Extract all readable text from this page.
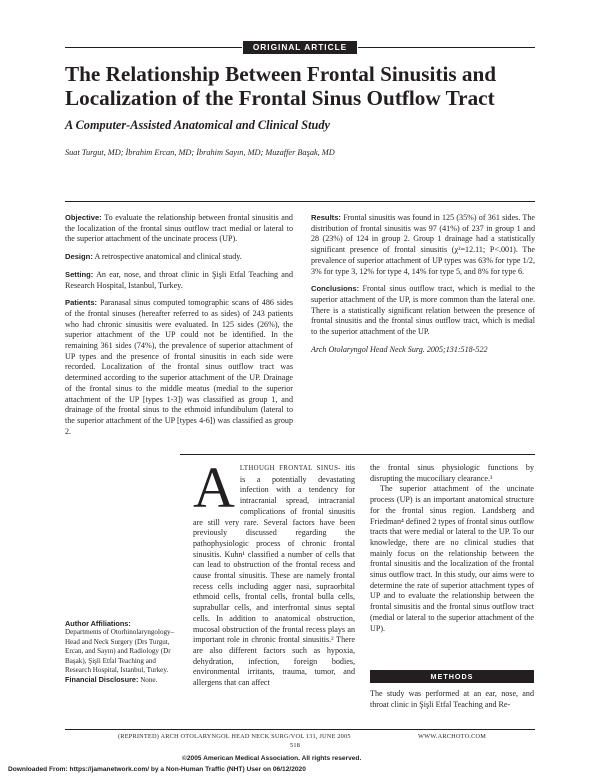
ORIGINAL ARTICLE
The Relationship Between Frontal Sinusitis and Localization of the Frontal Sinus Outflow Tract
A Computer-Assisted Anatomical and Clinical Study
Suat Turgut, MD; İbrahim Ercan, MD; İbrahim Sayın, MD; Muzaffer Başak, MD

Objective: To evaluate the relationship between frontal sinusitis and the localization of the frontal sinus outflow tract medial or lateral to the superior attachment of the uncinate process (UP).

Design: A retrospective anatomical and clinical study.

Setting: An ear, nose, and throat clinic in Şişli Etfal Teaching and Research Hospital, Istanbul, Turkey.

Patients: Paranasal sinus computed tomographic scans of 486 sides of the frontal sinuses (hereafter referred to as sides) of 243 patients who had chronic sinusitis were evaluated. In 125 sides (26%), the superior attachment of the UP could not be identified. In the remaining 361 sides (74%), the prevalence of superior attachment of UP types and the presence of frontal sinusitis in each side were recorded. Localization of the frontal sinus outflow tract was determined according to the superior attachment of the UP. Drainage of the frontal sinus to the middle meatus (medial to the superior attachment of the UP [types 1-3]) was classified as group 1, and drainage of the frontal sinus to the ethmoid infundibulum (lateral to the superior attachment of the UP [types 4-6]) was classified as group 2.

Results: Frontal sinusitis was found in 125 (35%) of 361 sides. The distribution of frontal sinusitis was 97 (41%) of 237 in group 1 and 28 (23%) of 124 in group 2. Group 1 drainage had a statistically significant presence of frontal sinusitis (χ²=12.11; P<.001). The prevalence of superior attachment of UP types was 63% for type 1/2, 3% for type 3, 12% for type 4, 14% for type 5, and 8% for type 6.

Conclusions: Frontal sinus outflow tract, which is medial to the superior attachment of the UP, is more common than the lateral one. There is a statistically significant relation between the presence of frontal sinusitis and the frontal sinus outflow tract, which is medial to the superior attachment of the UP.

Arch Otolaryngol Head Neck Surg. 2005;131:518-522

ALTHOUGH FRONTAL SINUS- itis is a potentially devastating infection with a tendency for intracranial spread, intracranial complications of frontal sinusitis are still very rare. Several factors have been previously discussed regarding the pathophysiologic process of chronic frontal sinusitis. Kuhn¹ classified a number of cells that can lead to obstruction of the frontal recess and cause frontal sinusitis. These are namely frontal recess cells including agger nasi, supraorbital ethmoid cells, frontal cells, frontal bulla cells, suprabullar cells, and interfrontal sinus septal cells. In addition to anatomical obstruction, mucosal obstruction of the frontal recess plays an important role in chronic frontal sinusitis.² There are also different factors such as hypoxia, dehydration, infection, foreign bodies, environmental irritants, trauma, tumor, and allergens that can affect

the frontal sinus physiologic functions by disrupting the mucociliary clearance.³

The superior attachment of the uncinate process (UP) is an important anatomical structure for the frontal sinus region. Landsberg and Friedman⁴ defined 2 types of frontal sinus outflow tracts that were medial or lateral to the UP. To our knowledge, there are no clinical studies that mainly focus on the relationship between the frontal sinusitis and the localization of the frontal sinus outflow tract. In this study, our aims were to determine the rate of superior attachment types of UP and to evaluate the relationship between the frontal sinusitis and the frontal sinus outflow tract (medial or lateral to the superior attachment of the UP).

METHODS
The study was performed at an ear, nose, and throat clinic in Şişli Etfal Teaching and Re-
Author Affiliations:
Departments of Otorhinolaryngology–Head and Neck Surgery (Drs Turgut, Ercan, and Sayın) and Radiology (Dr Başak), Şişli Etfal Teaching and Research Hospital, Istanbul, Turkey.
Financial Disclosure: None.
(REPRINTED) ARCH OTOLARYNGOL HEAD NECK SURG/VOL 131, JUNE 2005	WWW.ARCHOTO.COM
518
©2005 American Medical Association. All rights reserved.
Downloaded From: https://jamanetwork.com/ by a Non-Human Traffic (NHT) User on 06/12/2020
